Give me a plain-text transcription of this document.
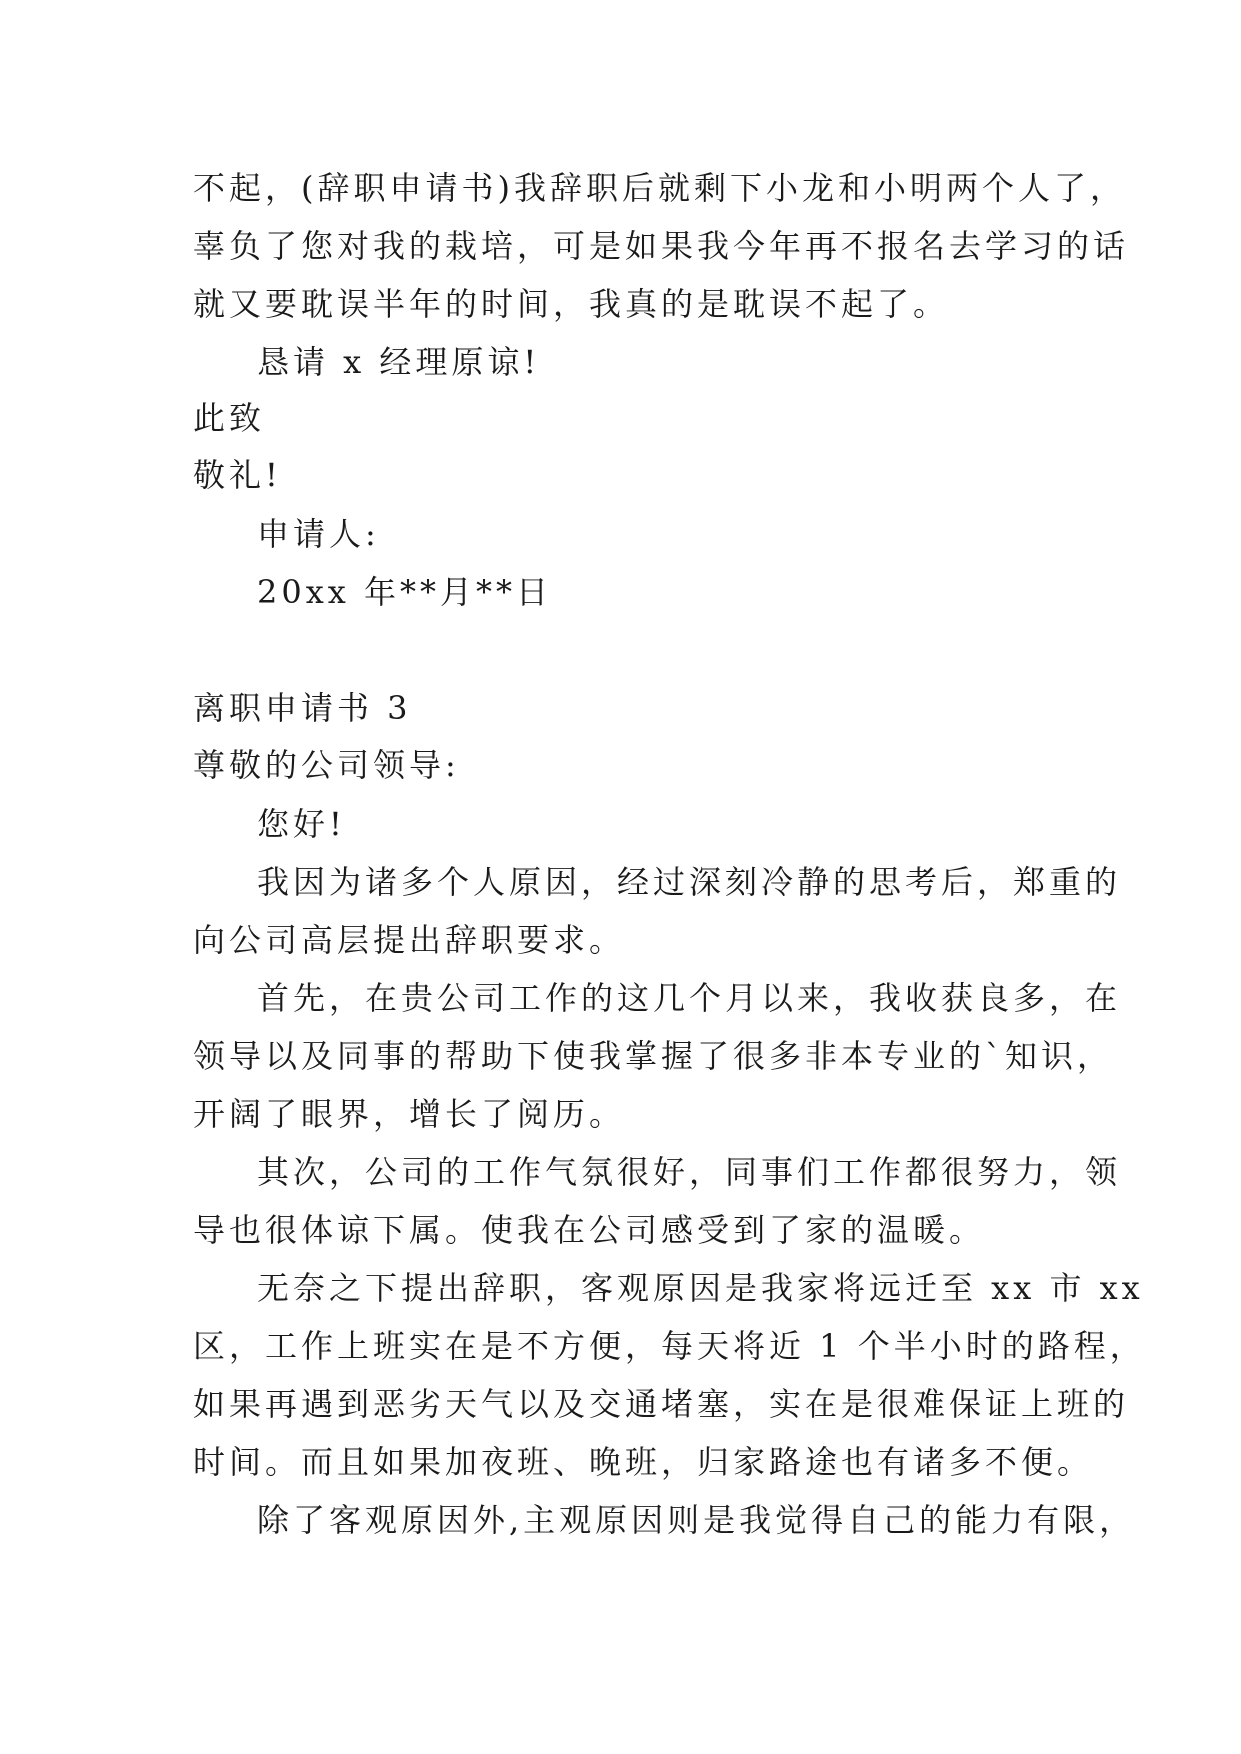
不起，(辞职申请书)我辞职后就剩下小龙和小明两个人了，
辜负了您对我的栽培，可是如果我今年再不报名去学习的话
就又要耽误半年的时间，我真的是耽误不起了。
恳请 x 经理原谅!
此致
敬礼!
申请人:
20xx 年**月**日
离职申请书 3
尊敬的公司领导:
您好!
我因为诸多个人原因，经过深刻冷静的思考后，郑重的
向公司高层提出辞职要求。
首先，在贵公司工作的这几个月以来，我收获良多，在
领导以及同事的帮助下使我掌握了很多非本专业的`知识，
开阔了眼界，增长了阅历。
其次，公司的工作气氛很好，同事们工作都很努力，领
导也很体谅下属。使我在公司感受到了家的温暖。
无奈之下提出辞职，客观原因是我家将远迁至 xx 市 xx
区，工作上班实在是不方便，每天将近 1 个半小时的路程，
如果再遇到恶劣天气以及交通堵塞，实在是很难保证上班的
时间。而且如果加夜班、晚班，归家路途也有诸多不便。
除了客观原因外,主观原因则是我觉得自己的能力有限，
